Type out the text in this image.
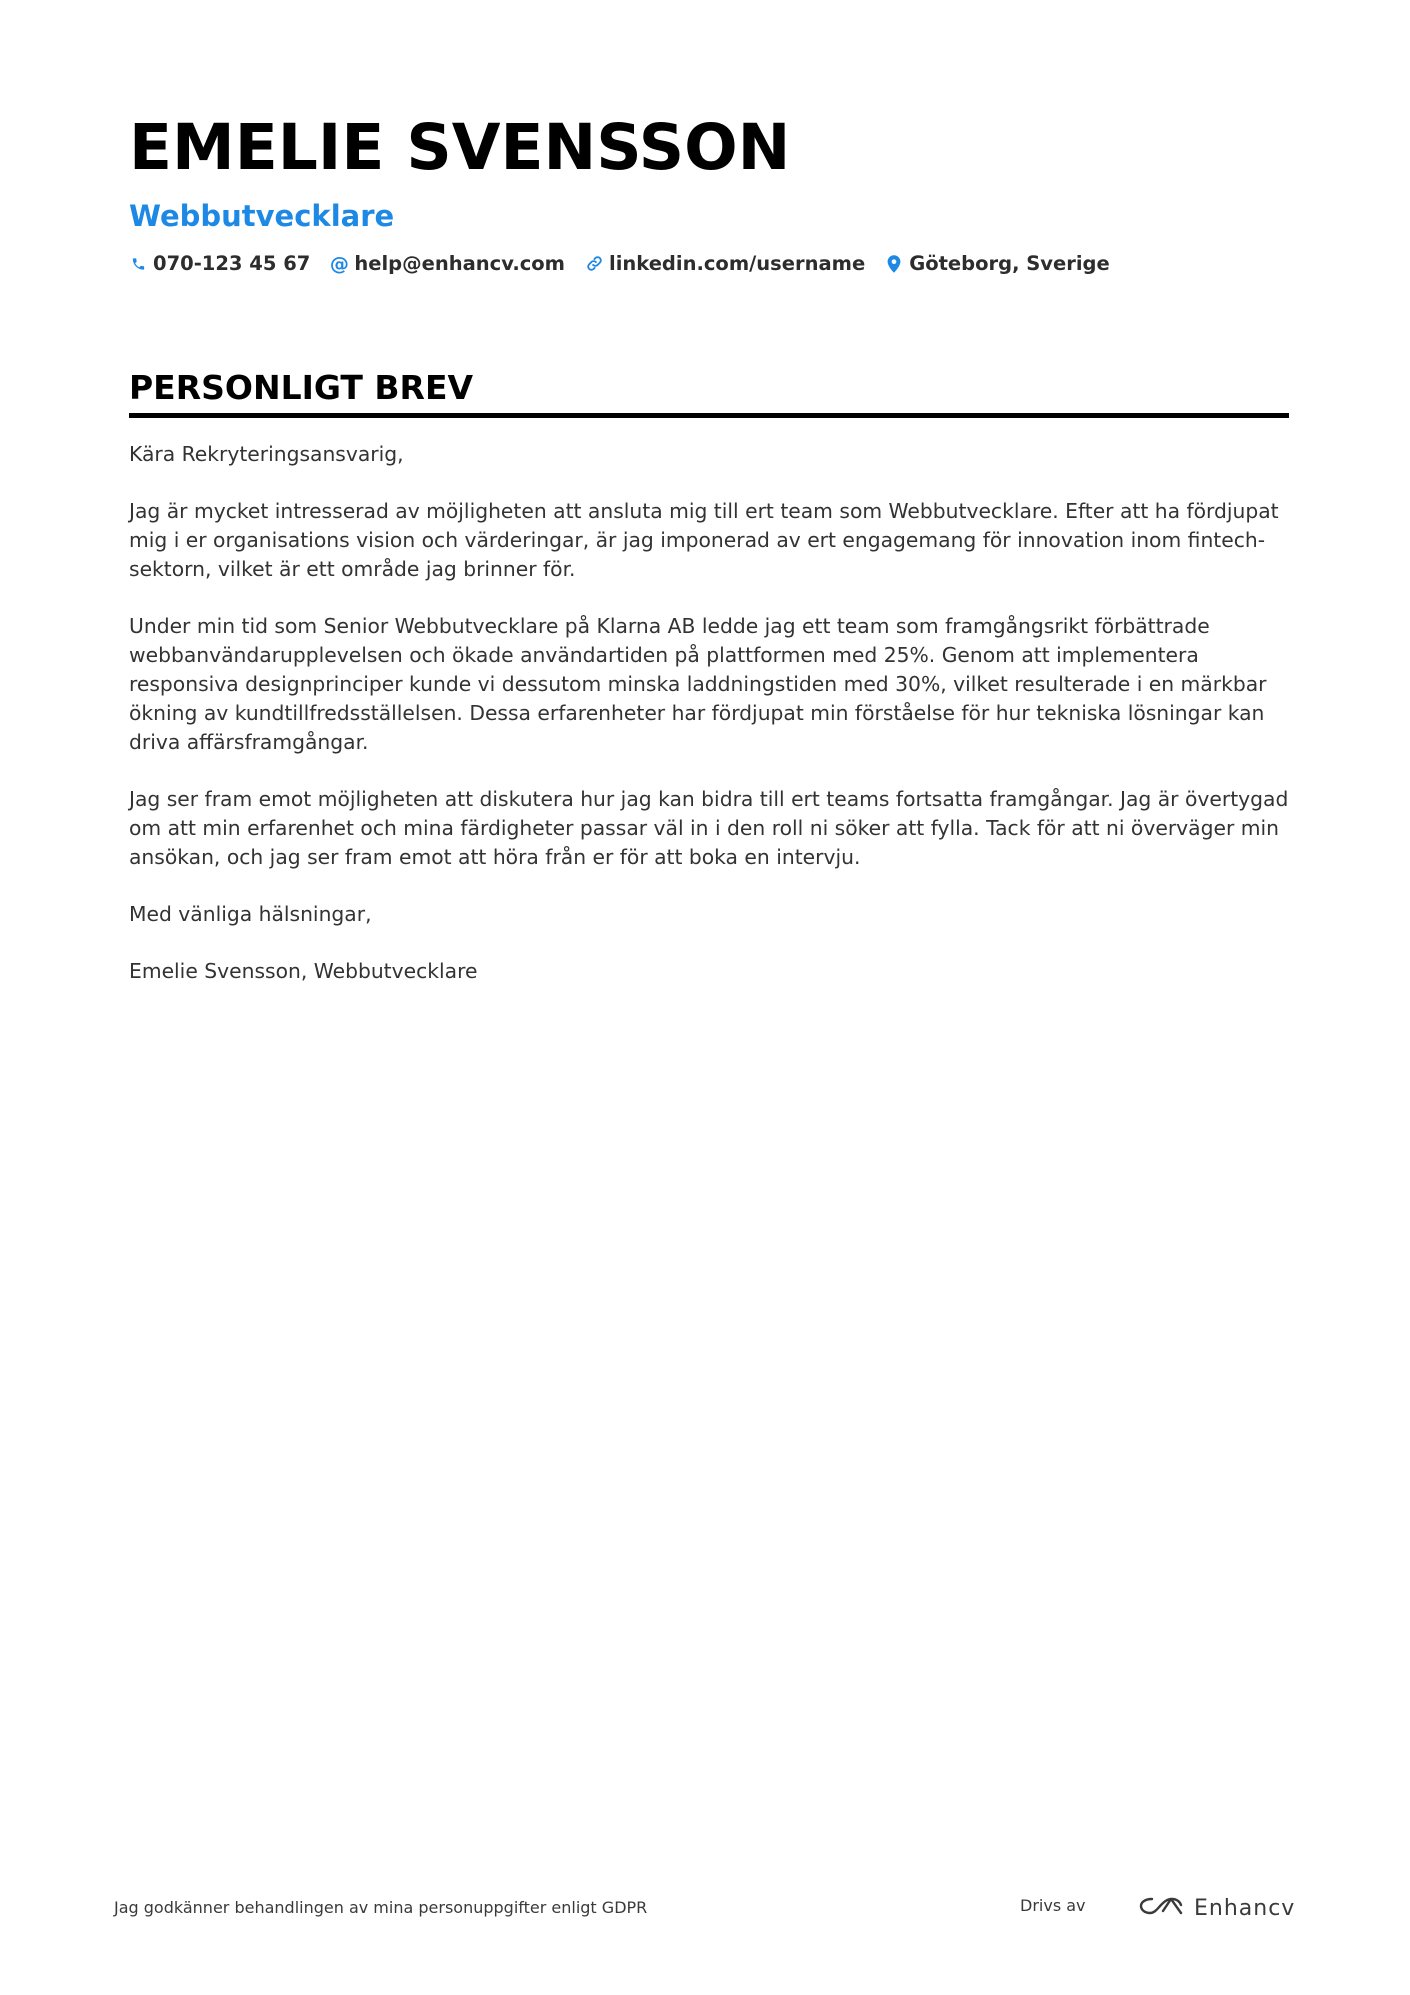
EMELIE SVENSSON
Webbutvecklare
070-123 45 67 @ help@enhancv.com linkedin.com/username Göteborg, Sverige
PERSONLIGT BREV

Kära Rekryteringsansvarig,

Jag är mycket intresserad av möjligheten att ansluta mig till ert team som Webbutvecklare. Efter att ha fördjupat mig i er organisations vision och värderingar, är jag imponerad av ert engagemang för innovation inom fintech-sektorn, vilket är ett område jag brinner för.

Under min tid som Senior Webbutvecklare på Klarna AB ledde jag ett team som framgångsrikt förbättrade webbanvändarupplevelsen och ökade användartiden på plattformen med 25%. Genom att implementera responsiva designprinciper kunde vi dessutom minska laddningstiden med 30%, vilket resulterade i en märkbar ökning av kundtillfredsställelsen. Dessa erfarenheter har fördjupat min förståelse för hur tekniska lösningar kan driva affärsframgångar.

Jag ser fram emot möjligheten att diskutera hur jag kan bidra till ert teams fortsatta framgångar. Jag är övertygad om att min erfarenhet och mina färdigheter passar väl in i den roll ni söker att fylla. Tack för att ni överväger min ansökan, och jag ser fram emot att höra från er för att boka en intervju.

Med vänliga hälsningar,

Emelie Svensson, Webbutvecklare

Jag godkänner behandlingen av mina personuppgifter enligt GDPR	Drivs av	Enhancv
